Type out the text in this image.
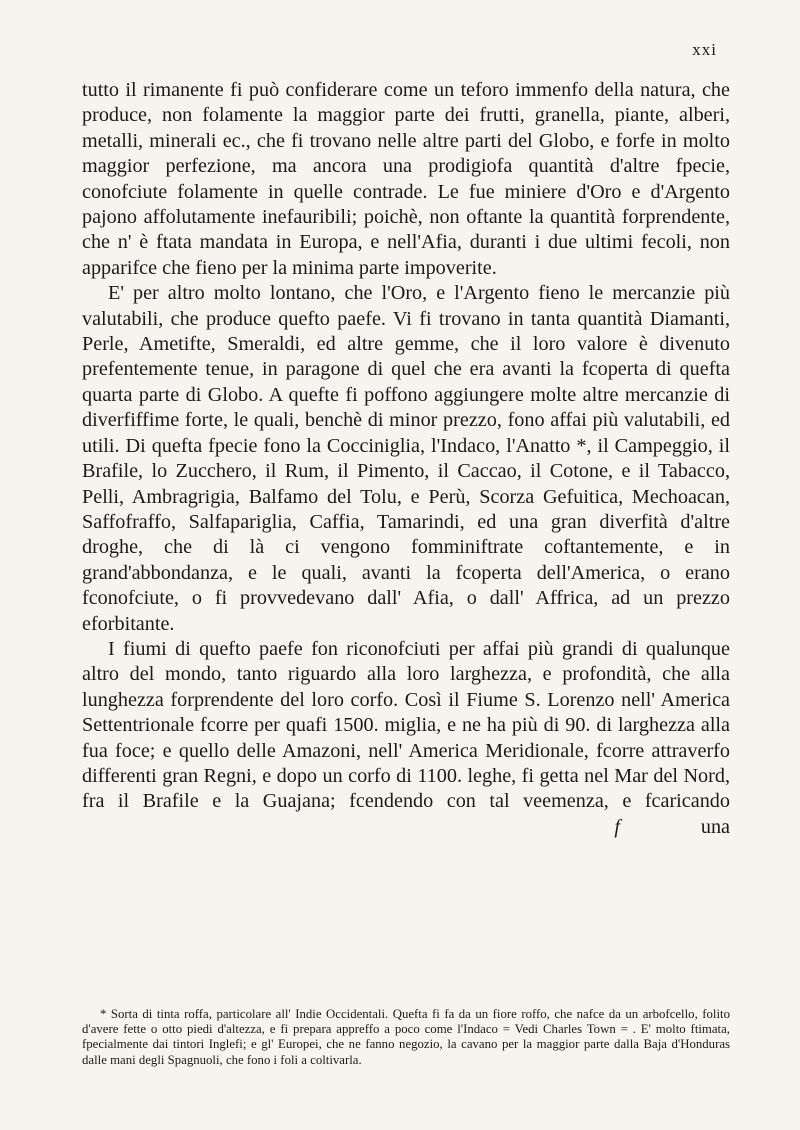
xxi

tutto il rimanente fi può confiderare come un teforo immenfo della natura, che produce, non folamente la maggior parte dei frutti, granella, piante, alberi, metalli, minerali ec., che fi trovano nelle altre parti del Globo, e forfe in molto maggior perfezione, ma ancora una prodigiofa quantità d'altre fpecie, conofciute folamente in quelle contrade. Le fue miniere d'Oro e d'Argento pajono affolutamente inefauribili; poichè, non oftante la quantità forprendente, che n' è ftata mandata in Europa, e nell'Afia, duranti i due ultimi fecoli, non apparifce che fieno per la minima parte impoverite.

E' per altro molto lontano, che l'Oro, e l'Argento fieno le mercanzie più valutabili, che produce quefto paefe. Vi fi trovano in tanta quantità Diamanti, Perle, Ametifte, Smeraldi, ed altre gemme, che il loro valore è divenuto prefentemente tenue, in paragone di quel che era avanti la fcoperta di quefta quarta parte di Globo. A quefte fi poffono aggiungere molte altre mercanzie di diverfiffime forte, le quali, benchè di minor prezzo, fono affai più valutabili, ed utili. Di quefta fpecie fono la Cocciniglia, l'Indaco, l'Anatto *, il Campeggio, il Brafile, lo Zucchero, il Rum, il Pimento, il Caccao, il Cotone, e il Tabacco, Pelli, Ambragrigia, Balfamo del Tolu, e Perù, Scorza Gefuitica, Mechoacan, Saffofraffo, Salfapariglia, Caffia, Tamarindi, ed una gran diverfità d'altre droghe, che di là ci vengono fomminiftrate coftantemente, e in grand'abbondanza, e le quali, avanti la fcoperta dell'America, o erano fconofciute, o fi provvedevano dall' Afia, o dall' Affrica, ad un prezzo eforbitante.

I fiumi di quefto paefe fon riconofciuti per affai più grandi di qualunque altro del mondo, tanto riguardo alla loro larghezza, e profondità, che alla lunghezza forprendente del loro corfo. Così il Fiume S. Lorenzo nell' America Settentrionale fcorre per quafi 1500. miglia, e ne ha più di 90. di larghezza alla fua foce; e quello delle Amazoni, nell' America Meridionale, fcorre attraverfo differenti gran Regni, e dopo un corfo di 1100. leghe, fi getta nel Mar del Nord, fra il Brafile e la Guajana; fcendendo con tal veemenza, e fcaricando

f	una

* Sorta di tinta roffa, particolare all' Indie Occidentali. Quefta fi fa da un fiore roffo, che nafce da un arbofcello, folito d'avere fette o otto piedi d'altezza, e fi prepara appreffo a poco come l'Indaco = Vedi Charles Town = . E' molto ftimata, fpecialmente dai tintori Inglefi; e gl' Europei, che ne fanno negozio, la cavano per la maggior parte dalla Baja d'Honduras dalle mani degli Spagnuoli, che fono i foli a coltivarla.
